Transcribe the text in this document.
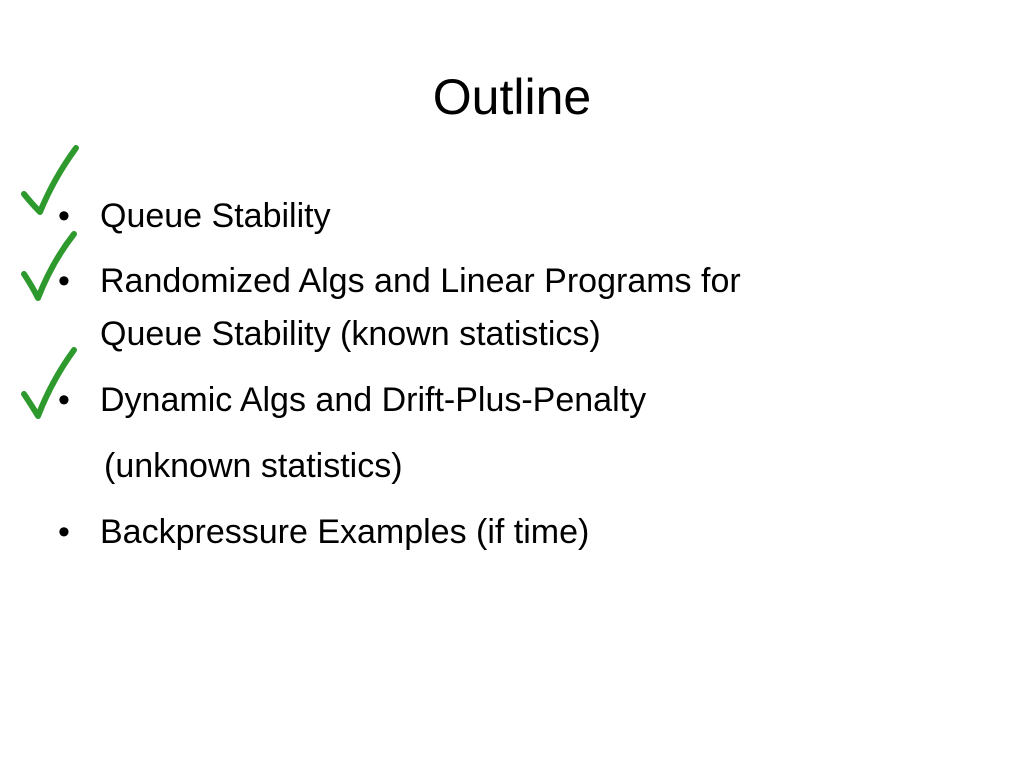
Outline
• Queue Stability
• Randomized Algs and Linear Programs for
Queue Stability (known statistics)
• Dynamic Algs and Drift-Plus-Penalty
(unknown statistics)
• Backpressure Examples (if time)
